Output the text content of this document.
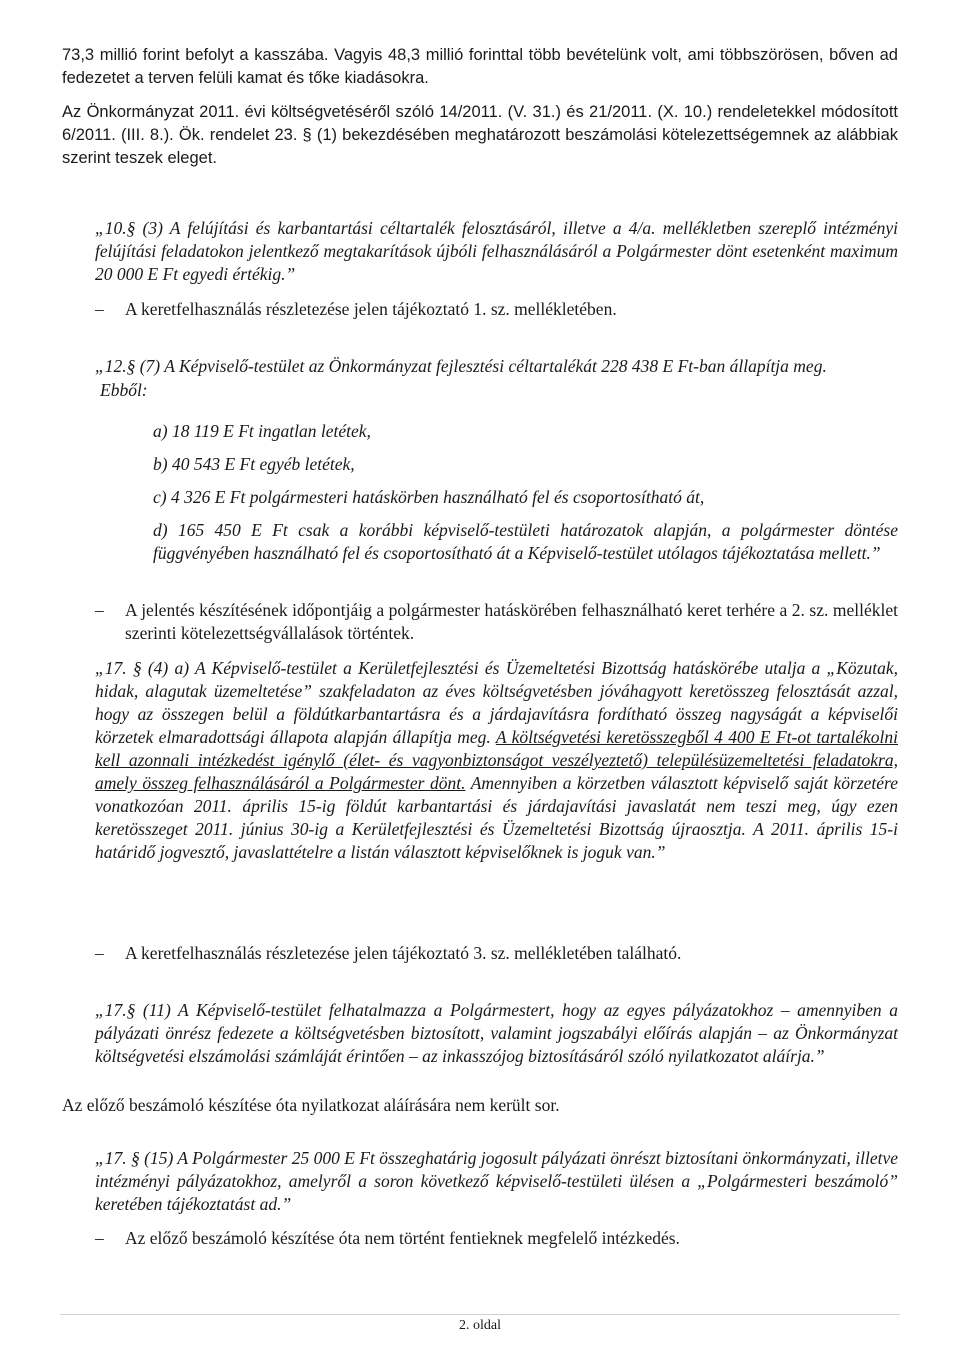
73,3 millió forint befolyt a kasszába. Vagyis 48,3 millió forinttal több bevételünk volt, ami többszörösen, bőven ad fedezetet a terven felüli kamat és tőke kiadásokra.

Az Önkormányzat 2011. évi költségvetéséről szóló 14/2011. (V. 31.) és 21/2011. (X. 10.) rendeletekkel módosított 6/2011. (III. 8.). Ök. rendelet 23. § (1) bekezdésében meghatározott beszámolási kötelezettségemnek az alábbiak szerint teszek eleget.

„10.§ (3) A felújítási és karbantartási céltartalék felosztásáról, illetve a 4/a. mellékletben szereplő intézményi felújítási feladatokon jelentkező megtakarítások újbóli felhasználásáról a Polgármester dönt esetenként maximum 20 000 E Ft egyedi értékig.”

–	A keretfelhasználás részletezése jelen tájékoztató 1. sz. mellékletében.

„12.§ (7) A Képviselő-testület az Önkormányzat fejlesztési céltartalékát 228 438 E Ft-ban állapítja meg.

Ebből:

a) 18 119 E Ft ingatlan letétek,

b) 40 543 E Ft egyéb letétek,

c) 4 326 E Ft polgármesteri hatáskörben használható fel és csoportosítható át,

d) 165 450 E Ft csak a korábbi képviselő-testületi határozatok alapján, a polgármester döntése függvényében használható fel és csoportosítható át a Képviselő-testület utólagos tájékoztatása mellett.”

–	A jelentés készítésének időpontjáig a polgármester hatáskörében felhasználható keret terhére a 2. sz. melléklet szerinti kötelezettségvállalások történtek.

„17. § (4) a) A Képviselő-testület a Kerületfejlesztési és Üzemeltetési Bizottság hatáskörébe utalja a „Közutak, hidak, alagutak üzemeltetése” szakfeladaton az éves költségvetésben jóváhagyott keretösszeg felosztását azzal, hogy az összegen belül a földútkarbantartásra és a járdajavításra fordítható összeg nagyságát a képviselői körzetek elmaradottsági állapota alapján állapítja meg. A költségvetési keretösszegből 4 400 E Ft-ot tartalékolni kell azonnali intézkedést igénylő (élet- és vagyonbiztonságot veszélyeztető) településüzemeltetési feladatokra, amely összeg felhasználásáról a Polgármester dönt. Amennyiben a körzetben választott képviselő saját körzetére vonatkozóan 2011. április 15-ig földút karbantartási és járdajavítási javaslatát nem teszi meg, úgy ezen keretösszeget 2011. június 30-ig a Kerületfejlesztési és Üzemeltetési Bizottság újraosztja. A 2011. április 15-i határidő jogvesztő, javaslattételre a listán választott képviselőknek is joguk van.”

–	A keretfelhasználás részletezése jelen tájékoztató 3. sz. mellékletében található.

„17.§ (11) A Képviselő-testület felhatalmazza a Polgármestert, hogy az egyes pályázatokhoz – amennyiben a pályázati önrész fedezete a költségvetésben biztosított, valamint jogszabályi előírás alapján – az Önkormányzat költségvetési elszámolási számláját érintően – az inkasszójog biztosításáról szóló nyilatkozatot aláírja.”

Az előző beszámoló készítése óta nyilatkozat aláírására nem került sor.

„17. § (15) A Polgármester 25 000 E Ft összeghatárig jogosult pályázati önrészt biztosítani önkormányzati, illetve intézményi pályázatokhoz, amelyről a soron következő képviselő-testületi ülésen a „Polgármesteri beszámoló” keretében tájékoztatást ad.”

–	Az előző beszámoló készítése óta nem történt fentieknek megfelelő intézkedés.
2. oldal
